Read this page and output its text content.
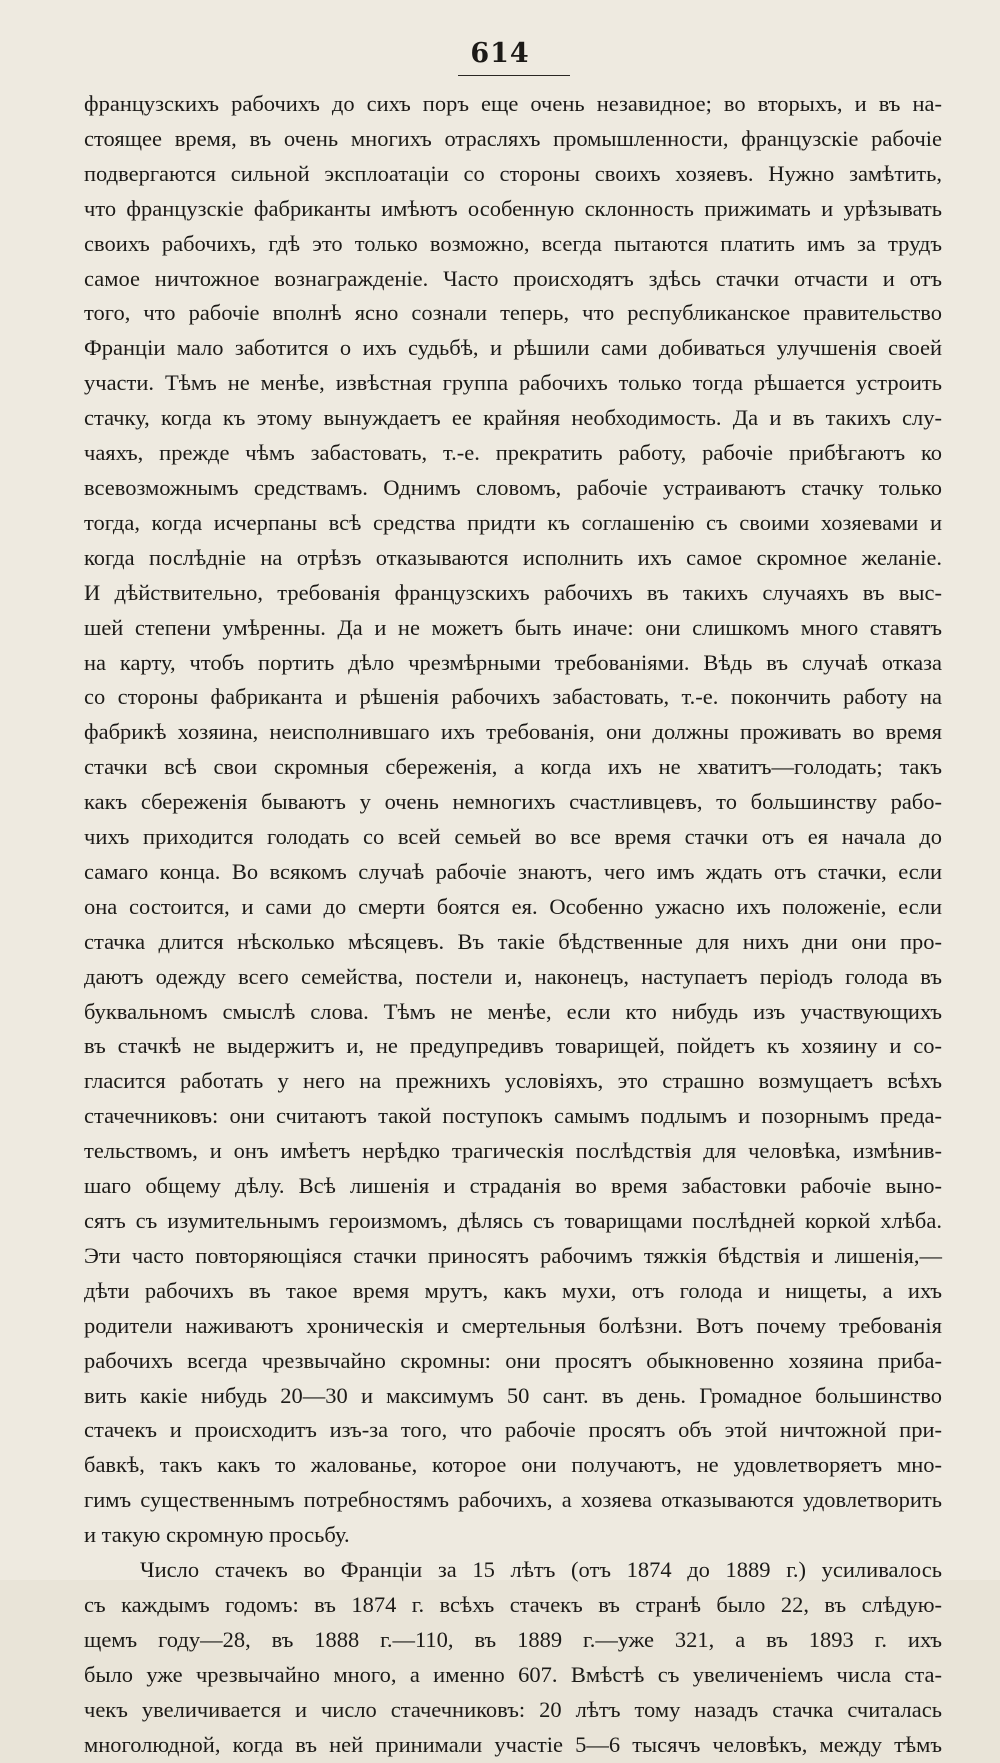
614
французскихъ рабочихъ до сихъ поръ еще очень незавидное; во вторыхъ, и въ на-
стоящее время, въ очень многихъ отрасляхъ промышленности, французскіе рабочіе
подвергаются сильной эксплоатаціи со стороны своихъ хозяевъ. Нужно замѣтить,
что французскіе фабриканты имѣютъ особенную склонность прижимать и урѣзывать
своихъ рабочихъ, гдѣ это только возможно, всегда пытаются платить имъ за трудъ
самое ничтожное вознагражденіе. Часто происходятъ здѣсь стачки отчасти и отъ
того, что рабочіе вполнѣ ясно сознали теперь, что республиканское правительство
Франціи мало заботится о ихъ судьбѣ, и рѣшили сами добиваться улучшенія своей
участи. Тѣмъ не менѣе, извѣстная группа рабочихъ только тогда рѣшается устроить
стачку, когда къ этому вынуждаетъ ее крайняя необходимость. Да и въ такихъ слу-
чаяхъ, прежде чѣмъ забастовать, т.-е. прекратить работу, рабочіе прибѣгаютъ ко
всевозможнымъ средствамъ. Однимъ словомъ, рабочіе устраиваютъ стачку только
тогда, когда исчерпаны всѣ средства придти къ соглашенію съ своими хозяевами и
когда послѣдніе на отрѣзъ отказываются исполнить ихъ самое скромное желаніе.
И дѣйствительно, требованія французскихъ рабочихъ въ такихъ случаяхъ въ выс-
шей степени умѣренны. Да и не можетъ быть иначе: они слишкомъ много ставятъ
на карту, чтобъ портить дѣло чрезмѣрными требованіями. Вѣдь въ случаѣ отказа
со стороны фабриканта и рѣшенія рабочихъ забастовать, т.-е. покончить работу на
фабрикѣ хозяина, неисполнившаго ихъ требованія, они должны проживать во время
стачки всѣ свои скромныя сбереженія, а когда ихъ не хватитъ—голодать; такъ
какъ сбереженія бываютъ у очень немногихъ счастливцевъ, то большинству рабо-
чихъ приходится голодать со всей семьей во все время стачки отъ ея начала до
самаго конца. Во всякомъ случаѣ рабочіе знаютъ, чего имъ ждать отъ стачки, если
она состоится, и сами до смерти боятся ея. Особенно ужасно ихъ положеніе, если
стачка длится нѣсколько мѣсяцевъ. Въ такіе бѣдственные для нихъ дни они про-
даютъ одежду всего семейства, постели и, наконецъ, наступаетъ періодъ голода въ
буквальномъ смыслѣ слова. Тѣмъ не менѣе, если кто нибудь изъ участвующихъ
въ стачкѣ не выдержитъ и, не предупредивъ товарищей, пойдетъ къ хозяину и со-
гласится работать у него на прежнихъ условіяхъ, это страшно возмущаетъ всѣхъ
стачечниковъ: они считаютъ такой поступокъ самымъ подлымъ и позорнымъ преда-
тельствомъ, и онъ имѣетъ нерѣдко трагическія послѣдствія для человѣка, измѣнив-
шаго общему дѣлу. Всѣ лишенія и страданія во время забастовки рабочіе выно-
сятъ съ изумительнымъ героизмомъ, дѣлясь съ товарищами послѣдней коркой хлѣба.
Эти часто повторяющіяся стачки приносятъ рабочимъ тяжкія бѣдствія и лишенія,—
дѣти рабочихъ въ такое время мрутъ, какъ мухи, отъ голода и нищеты, а ихъ
родители наживаютъ хроническія и смертельныя болѣзни. Вотъ почему требованія
рабочихъ всегда чрезвычайно скромны: они просятъ обыкновенно хозяина приба-
вить какіе нибудь 20—30 и максимумъ 50 сант. въ день. Громадное большинство
стачекъ и происходитъ изъ-за того, что рабочіе просятъ объ этой ничтожной при-
бавкѣ, такъ какъ то жалованье, которое они получаютъ, не удовлетворяетъ мно-
гимъ существеннымъ потребностямъ рабочихъ, а хозяева отказываются удовлетворить
и такую скромную просьбу.
Число стачекъ во Франціи за 15 лѣтъ (отъ 1874 до 1889 г.) усиливалось
съ каждымъ годомъ: въ 1874 г. всѣхъ стачекъ въ странѣ было 22, въ слѣдую-
щемъ году—28, въ 1888 г.—110, въ 1889 г.—уже 321, а въ 1893 г. ихъ
было уже чрезвычайно много, а именно 607. Вмѣстѣ съ увеличеніемъ числа ста-
чекъ увеличивается и число стачечниковъ: 20 лѣтъ тому назадъ стачка считалась
многолюдной, когда въ ней принимали участіе 5—6 тысячъ человѣкъ, между тѣмъ
